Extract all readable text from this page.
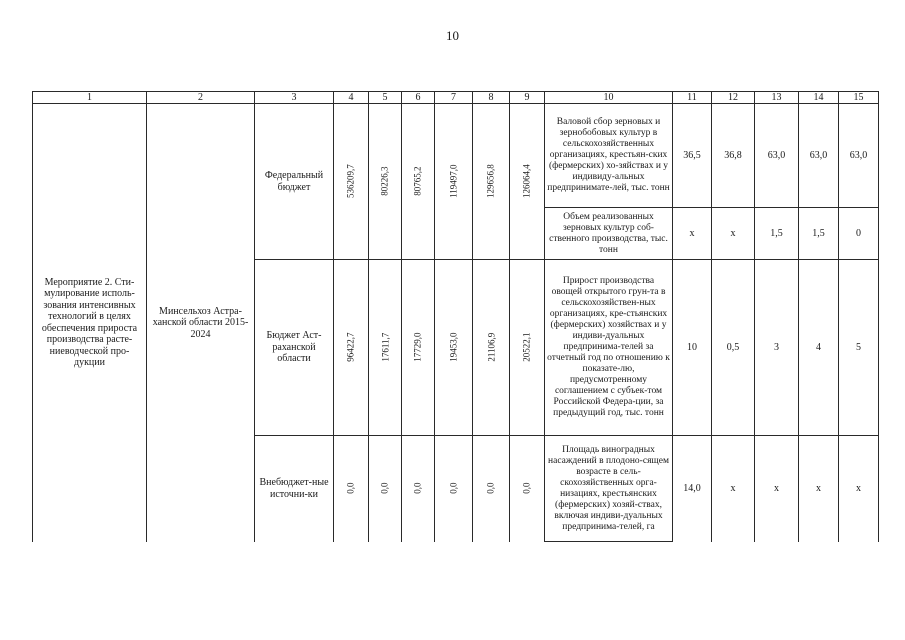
10
1	2	3	4	5	6	7	8	9	10	11	12	13	14	15

Мероприятие 2. Сти-мулирование исполь-зования интенсивных технологий в целях обеспечения прироста производства расте-ниеводческой про-дукции	Минсельхоз Астра-ханской области 2015-2024	Федеральный бюджет	536209,7	80226,3	80765,2	119497,0	129656,8	126064,4	Валовой сбор зерновых и зернобобовых культур в сельскохозяйственных организациях, крестьян-ских (фермерских) хо-зяйствах и у индивиду-альных предпринимате-лей, тыс. тонн	36,5	36,8	63,0	63,0	63,0

									Объем реализованных зерновых культур соб-ственного производства, тыс. тонн	х	х	1,5	1,5	0

		Бюджет Аст-раханской области	96422,7	17611,7	17729,0	19453,0	21106,9	20522,1	Прирост производства овощей открытого грун-та в сельскохозяйствен-ных организациях, кре-стьянских (фермерских) хозяйствах и у индиви-дуальных предпринима-телей за отчетный год по отношению к показате-лю, предусмотренному соглашением с субъек-том Российской Федера-ции, за предыдущий год, тыс. тонн	10	0,5	3	4	5

		Внебюджет-ные источни-ки	0,0	0,0	0,0	0,0	0,0	0,0	Площадь виноградных насаждений в плодоно-сящем возрасте в сель-скохозяйственных орга-низациях, крестьянских (фермерских) хозяй-ствах, включая индиви-дуальных предпринима-телей, га	14,0	х	х	х	х
